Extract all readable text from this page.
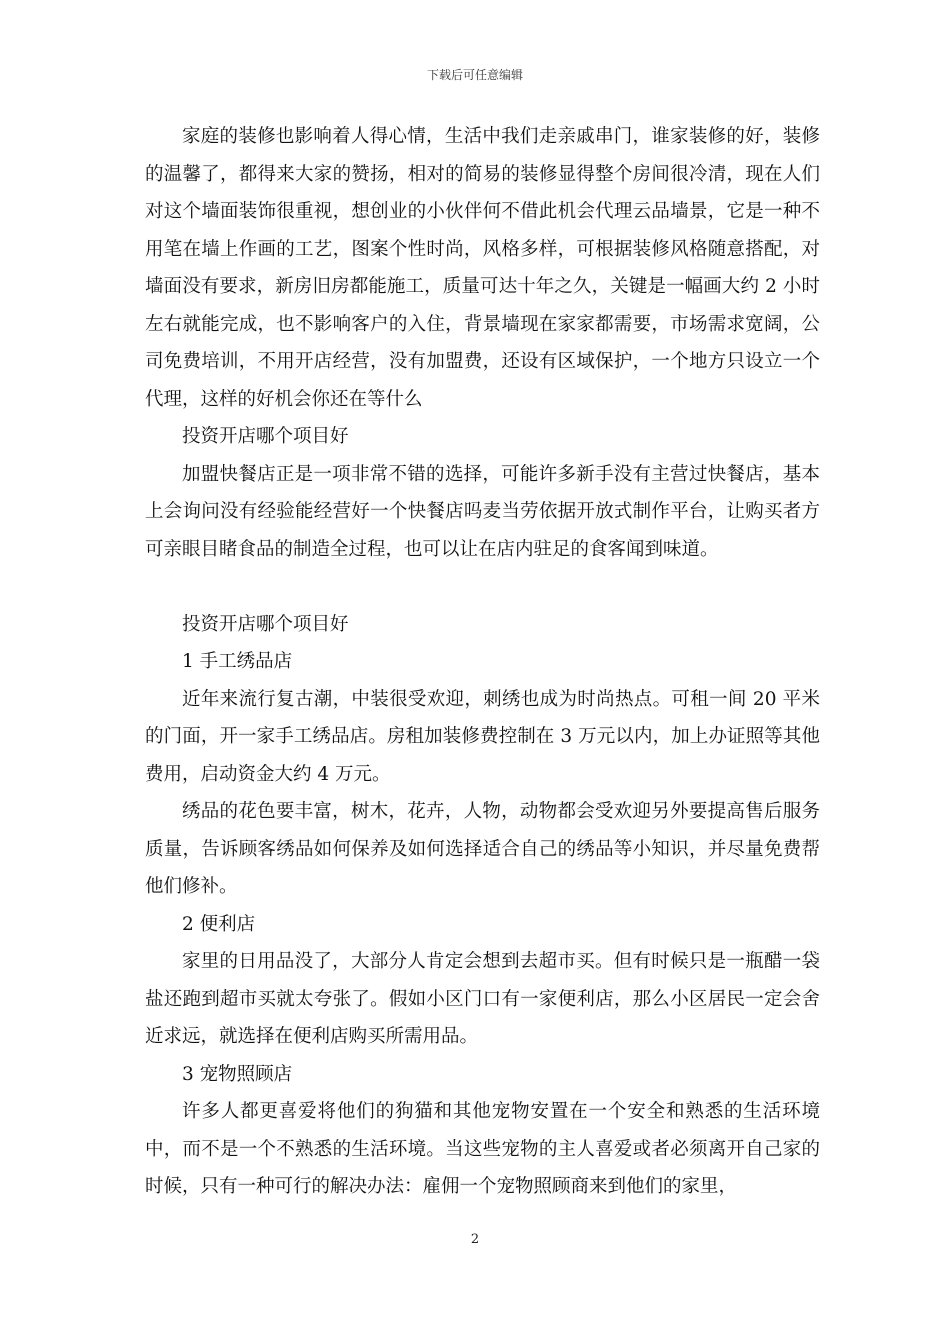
下载后可任意编辑

家庭的装修也影响着人得心情，生活中我们走亲戚串门，谁家装修的好，装修的温馨了，都得来大家的赞扬，相对的简易的装修显得整个房间很冷清，现在人们对这个墙面装饰很重视，想创业的小伙伴何不借此机会代理云品墙景，它是一种不用笔在墙上作画的工艺，图案个性时尚，风格多样，可根据装修风格随意搭配，对墙面没有要求，新房旧房都能施工，质量可达十年之久，关键是一幅画大约 2 小时左右就能完成，也不影响客户的入住，背景墙现在家家都需要，市场需求宽阔，公司免费培训，不用开店经营，没有加盟费，还设有区域保护，一个地方只设立一个代理，这样的好机会你还在等什么

投资开店哪个项目好

加盟快餐店正是一项非常不错的选择，可能许多新手没有主营过快餐店，基本上会询问没有经验能经营好一个快餐店吗麦当劳依据开放式制作平台，让购买者方可亲眼目睹食品的制造全过程，也可以让在店内驻足的食客闻到味道。

投资开店哪个项目好

1 手工绣品店

近年来流行复古潮，中装很受欢迎，刺绣也成为时尚热点。可租一间 20 平米的门面，开一家手工绣品店。房租加装修费控制在 3 万元以内，加上办证照等其他费用，启动资金大约 4 万元。

绣品的花色要丰富，树木，花卉，人物，动物都会受欢迎另外要提高售后服务质量，告诉顾客绣品如何保养及如何选择适合自己的绣品等小知识，并尽量免费帮他们修补。

2 便利店

家里的日用品没了，大部分人肯定会想到去超市买。但有时候只是一瓶醋一袋盐还跑到超市买就太夸张了。假如小区门口有一家便利店，那么小区居民一定会舍近求远，就选择在便利店购买所需用品。

3 宠物照顾店

许多人都更喜爱将他们的狗猫和其他宠物安置在一个安全和熟悉的生活环境中，而不是一个不熟悉的生活环境。当这些宠物的主人喜爱或者必须离开自己家的时候，只有一种可行的解决办法：雇佣一个宠物照顾商来到他们的家里，

2
